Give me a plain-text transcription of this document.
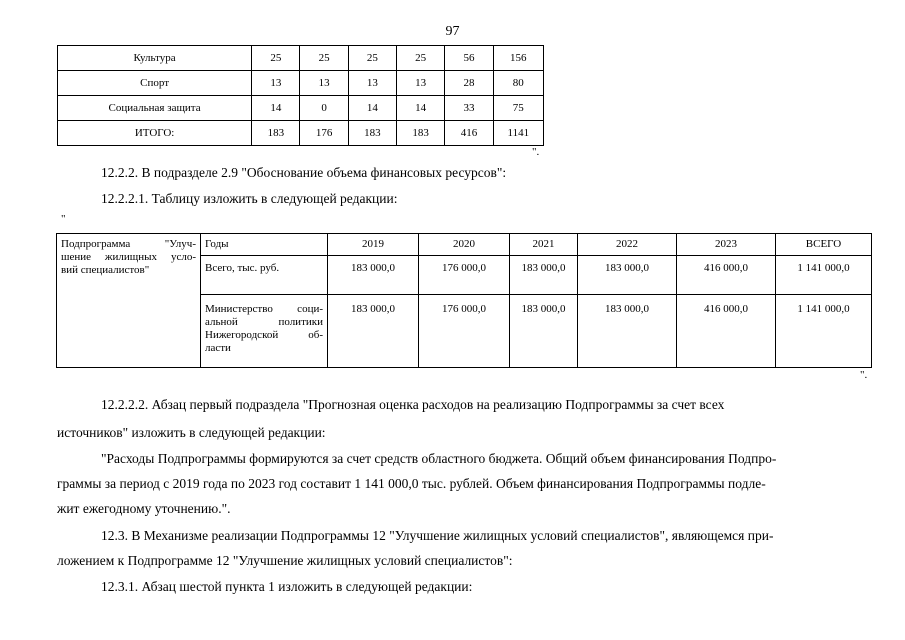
97
Культура	25	25	25	25	56	156
Спорт	13	13	13	13	28	80
Социальная защита	14	0	14	14	33	75
ИТОГО:	183	176	183	183	416	1141
".
12.2.2. В подразделе 2.9 "Обоснование объема финансовых ресурсов":
12.2.2.1. Таблицу изложить в следующей редакции:
"
Подпрограмма "Улуч-
шение жилищных усло-
вий специалистов"	Годы	2019	2020	2021	2022	2023	ВСЕГО
	Всего, тыс. руб.	183 000,0	176 000,0	183 000,0	183 000,0	416 000,0	1 141 000,0

	Министерство соци-
альной политики
Нижегородской об-
ласти	183 000,0	176 000,0	183 000,0	183 000,0	416 000,0	1 141 000,0
".
12.2.2.2. Абзац первый подраздела "Прогнозная оценка расходов на реализацию Подпрограммы за счет всех
источников" изложить в следующей редакции:
"Расходы Подпрограммы формируются за счет средств областного бюджета. Общий объем финансирования Подпро-
граммы за период с 2019 года по 2023 год составит 1 141 000,0 тыс. рублей. Объем финансирования Подпрограммы подле-
жит ежегодному уточнению.".
12.3. В Механизме реализации Подпрограммы 12 "Улучшение жилищных условий специалистов", являющемся при-
ложением к Подпрограмме 12 "Улучшение жилищных условий специалистов":
12.3.1. Абзац шестой пункта 1 изложить в следующей редакции:
